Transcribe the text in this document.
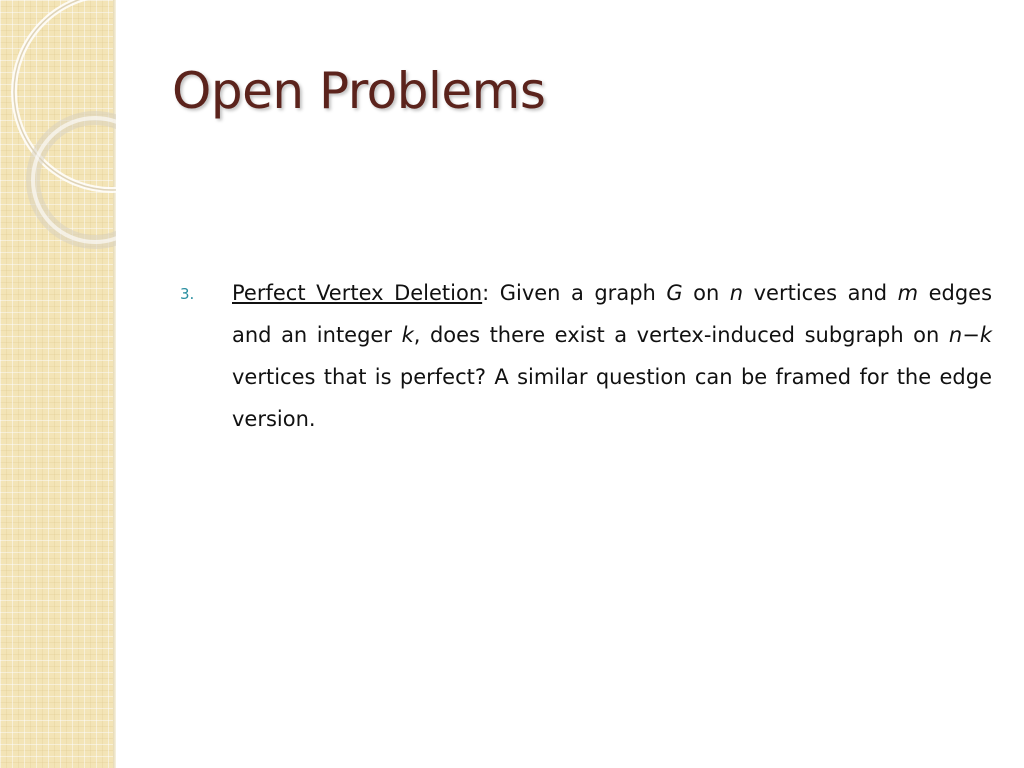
Open Problems
3. Perfect Vertex Deletion: Given a graph G on n vertices and m edges and an integer k, does there exist a vertex-induced subgraph on n−k vertices that is perfect? A similar question can be framed for the edge version.
